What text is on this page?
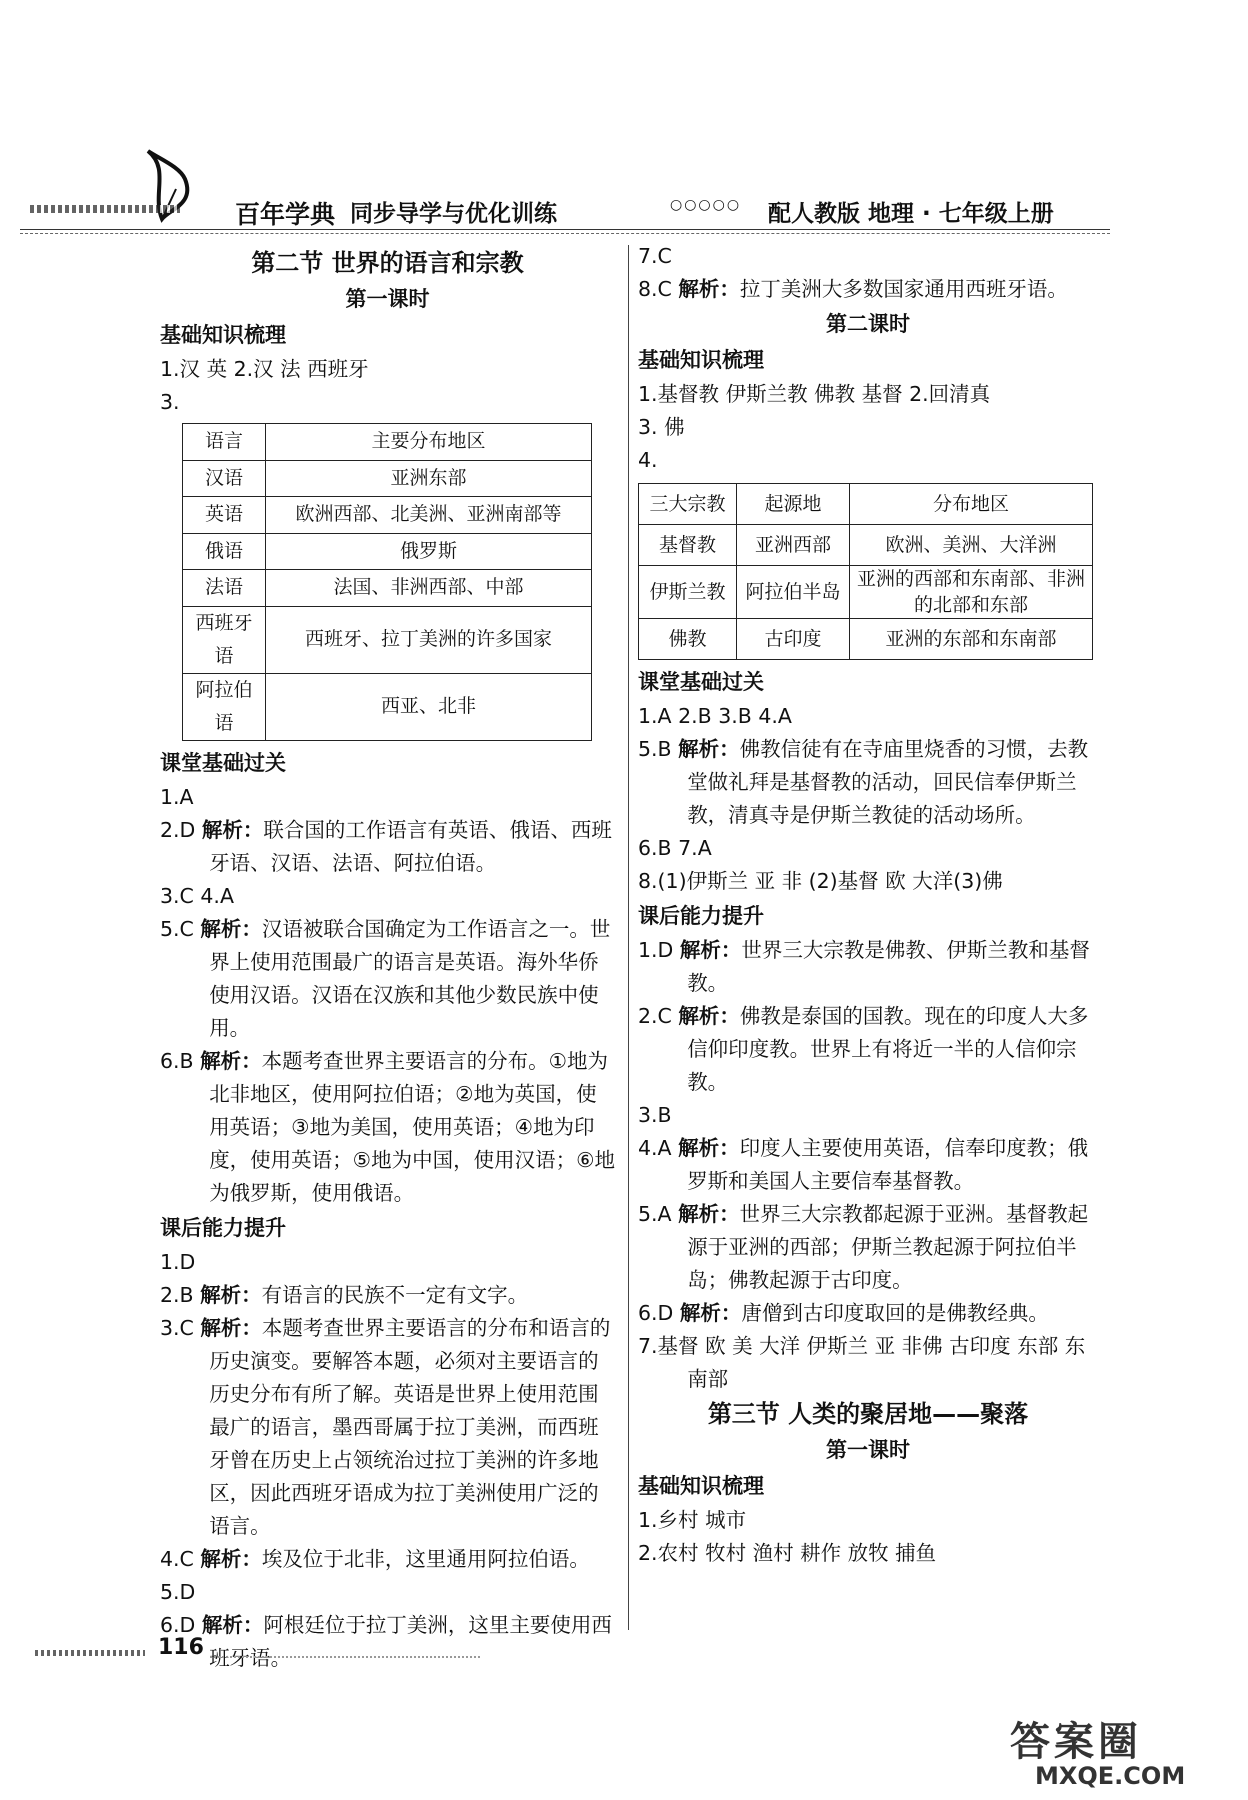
百年学典 同步导学与优化训练	○○○○○ 配人教版 地理 · 七年级上册
第二节 世界的语言和宗教
第一课时
基础知识梳理

1.汉 英 2.汉 法 西班牙

3.

语言	主要分布地区
汉语	亚洲东部
英语	欧洲西部、北美洲、亚洲南部等
俄语	俄罗斯
法语	法国、非洲西部、中部
西班牙语	西班牙、拉丁美洲的许多国家
阿拉伯语	西亚、北非
课堂基础过关

1.A

2.D 解析：联合国的工作语言有英语、俄语、西班牙语、汉语、法语、阿拉伯语。

3.C 4.A

5.C 解析：汉语被联合国确定为工作语言之一。世界上使用范围最广的语言是英语。海外华侨使用汉语。汉语在汉族和其他少数民族中使用。

6.B 解析：本题考查世界主要语言的分布。①地为北非地区，使用阿拉伯语；②地为英国，使用英语；③地为美国，使用英语；④地为印度，使用英语；⑤地为中国，使用汉语；⑥地为俄罗斯，使用俄语。

课后能力提升

1.D

2.B 解析：有语言的民族不一定有文字。

3.C 解析：本题考查世界主要语言的分布和语言的历史演变。要解答本题，必须对主要语言的历史分布有所了解。英语是世界上使用范围最广的语言，墨西哥属于拉丁美洲，而西班牙曾在历史上占领统治过拉丁美洲的许多地区，因此西班牙语成为拉丁美洲使用广泛的语言。

4.C 解析：埃及位于北非，这里通用阿拉伯语。

5.D

6.D 解析：阿根廷位于拉丁美洲，这里主要使用西班牙语。

7.C

8.C 解析：拉丁美洲大多数国家通用西班牙语。

第二课时
基础知识梳理

1.基督教 伊斯兰教 佛教 基督 2.回清真

3. 佛

4.

三大宗教	起源地	分布地区
基督教	亚洲西部	欧洲、美洲、大洋洲
伊斯兰教	阿拉伯半岛	亚洲的西部和东南部、非洲的北部和东部
佛教	古印度	亚洲的东部和东南部
课堂基础过关

1.A 2.B 3.B 4.A

5.B 解析：佛教信徒有在寺庙里烧香的习惯，去教堂做礼拜是基督教的活动，回民信奉伊斯兰教，清真寺是伊斯兰教徒的活动场所。

6.B 7.A

8.(1)伊斯兰 亚 非 (2)基督 欧 大洋(3)佛

课后能力提升

1.D 解析：世界三大宗教是佛教、伊斯兰教和基督教。

2.C 解析：佛教是泰国的国教。现在的印度人大多信仰印度教。世界上有将近一半的人信仰宗教。

3.B

4.A 解析：印度人主要使用英语，信奉印度教；俄罗斯和美国人主要信奉基督教。

5.A 解析：世界三大宗教都起源于亚洲。基督教起源于亚洲的西部；伊斯兰教起源于阿拉伯半岛；佛教起源于古印度。

6.D 解析：唐僧到古印度取回的是佛教经典。

7.基督 欧 美 大洋 伊斯兰 亚 非佛 古印度 东部 东南部

第三节 人类的聚居地——聚落
第一课时
基础知识梳理

1.乡村 城市

2.农村 牧村 渔村 耕作 放牧 捕鱼

116
答案圈
MXQE.COM
